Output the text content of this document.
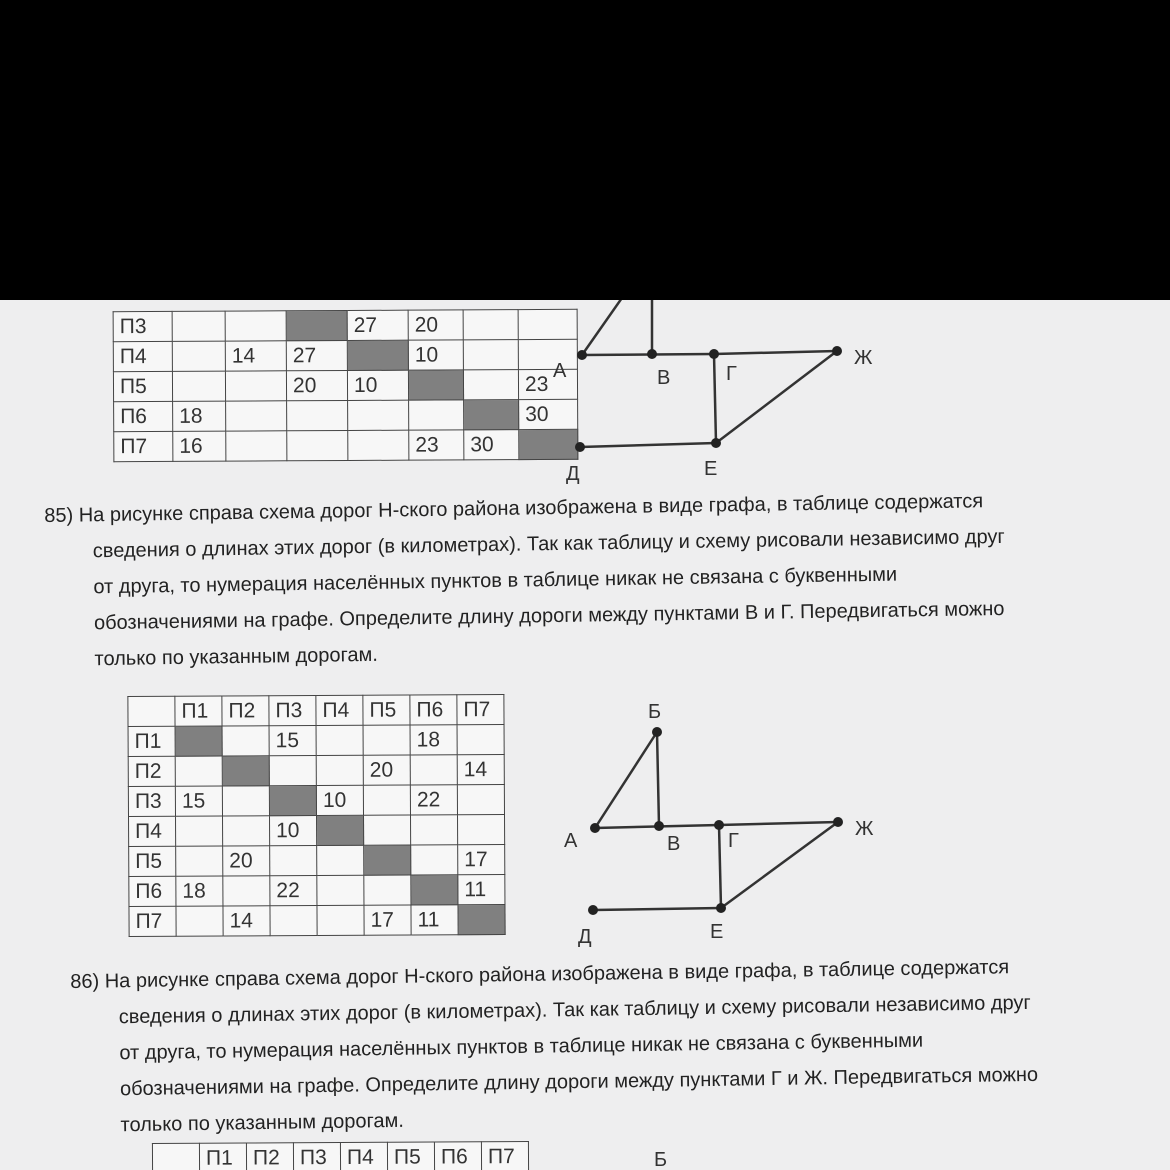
П3				27	20		
П4		14	27		10		
П5			20	10			23
П6	18						30
П7	16				23	30	
А	В	Г
Ж
Д	Е
85) На рисунке справа схема дорог Н-ского района изображена в виде графа, в таблице содержатся
сведения о длинах этих дорог (в километрах). Так как таблицу и схему рисовали независимо друг
от друга, то нумерация населённых пунктов в таблице никак не связана с буквенными
обозначениями на графе. Определите длину дороги между пунктами В и Г. Передвигаться можно
только по указанным дорогам.
	П1	П2	П3	П4	П5	П6	П7
П1			15			18	
П2					20		14
П3	15			10		22	
П4			10				
П5		20					17
П6	18		22				11
П7		14			17	11	
Б
А	В Г
Ж
Д	Е
86) На рисунке справа схема дорог Н-ского района изображена в виде графа, в таблице содержатся
сведения о длинах этих дорог (в километрах). Так как таблицу и схему рисовали независимо друг
от друга, то нумерация населённых пунктов в таблице никак не связана с буквенными
обозначениями на графе. Определите длину дороги между пунктами Г и Ж. Передвигаться можно
только по указанным дорогам.
	П1	П2	П3	П4	П5	П6	П7	Б
